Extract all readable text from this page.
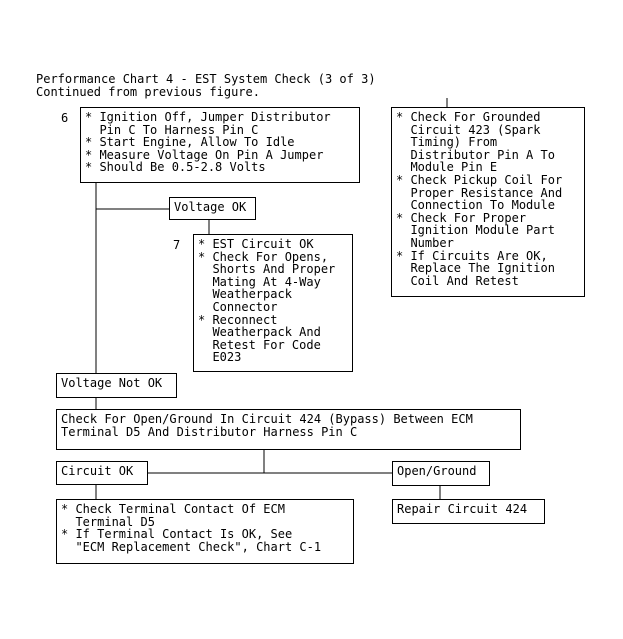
Performance Chart 4 - EST System Check (3 of 3)
Continued from previous figure.
6 * Ignition Off, Jumper Distributor
Pin C To Harness Pin C
* Start Engine, Allow To Idle
* Measure Voltage On Pin A Jumper
* Should Be 0.5-2.8 Volts
Voltage OK
7 * EST Circuit OK
* Check For Opens,
Shorts And Proper
Mating At 4-Way
Weatherpack
Connector
* Reconnect
Weatherpack And
Retest For Code
E023
* Check For Grounded
Circuit 423 (Spark
Timing) From
Distributor Pin A To
Module Pin E
* Check Pickup Coil For
Proper Resistance And
Connection To Module
* Check For Proper
Ignition Module Part
Number
* If Circuits Are OK,
Replace The Ignition
Coil And Retest
Voltage Not OK
Check For Open/Ground In Circuit 424 (Bypass) Between ECM
Terminal D5 And Distributor Harness Pin C
Circuit OK	Open/Ground
* Check Terminal Contact Of ECM
Terminal D5
* If Terminal Contact Is OK, See
"ECM Replacement Check", Chart C-1
Repair Circuit 424
